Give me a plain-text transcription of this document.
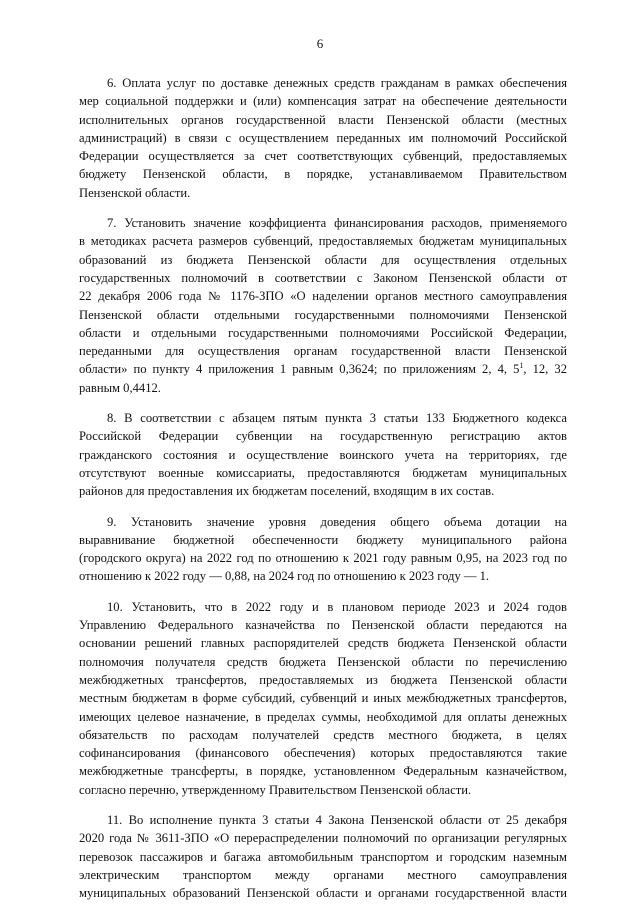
6
6. Оплата услуг по доставке денежных средств гражданам в рамках обеспечения
мер социальной поддержки и (или) компенсация затрат на обеспечение деятельности
исполнительных органов государственной власти Пензенской области (местных
администраций) в связи с осуществлением переданных им полномочий Российской
Федерации осуществляется за счет соответствующих субвенций, предоставляемых
бюджету Пензенской области, в порядке, устанавливаемом Правительством
Пензенской области.
7. Установить значение коэффициента финансирования расходов, применяемого
в методиках расчета размеров субвенций, предоставляемых бюджетам муниципальных
образований из бюджета Пензенской области для осуществления отдельных
государственных полномочий в соответствии с Законом Пензенской области от
22 декабря 2006 года № 1176-ЗПО «О наделении органов местного самоуправления
Пензенской области отдельными государственными полномочиями Пензенской
области и отдельными государственными полномочиями Российской Федерации,
переданными для осуществления органам государственной власти Пензенской
области» по пункту 4 приложения 1 равным 0,3624; по приложениям 2, 4, $5^1$, 12, 32
равным 0,4412.
8. В соответствии с абзацем пятым пункта 3 статьи 133 Бюджетного кодекса
Российской Федерации субвенции на государственную регистрацию актов
гражданского состояния и осуществление воинского учета на территориях, где
отсутствуют военные комиссариаты, предоставляются бюджетам муниципальных
районов для предоставления их бюджетам поселений, входящим в их состав.
9. Установить значение уровня доведения общего объема дотации на
выравнивание бюджетной обеспеченности бюджету муниципального района
(городского округа) на 2022 год по отношению к 2021 году равным 0,95, на 2023 год по
отношению к 2022 году — 0,88, на 2024 год по отношению к 2023 году — 1.
10. Установить, что в 2022 году и в плановом периоде 2023 и 2024 годов
Управлению Федерального казначейства по Пензенской области передаются на
основании решений главных распорядителей средств бюджета Пензенской области
полномочия получателя средств бюджета Пензенской области по перечислению
межбюджетных трансфертов, предоставляемых из бюджета Пензенской области
местным бюджетам в форме субсидий, субвенций и иных межбюджетных трансфертов,
имеющих целевое назначение, в пределах суммы, необходимой для оплаты денежных
обязательств по расходам получателей средств местного бюджета, в целях
софинансирования (финансового обеспечения) которых предоставляются такие
межбюджетные трансферты, в порядке, установленном Федеральным казначейством,
согласно перечню, утвержденному Правительством Пензенской области.
11. Во исполнение пункта 3 статьи 4 Закона Пензенской области от 25 декабря
2020 года № 3611-ЗПО «О перераспределении полномочий по организации регулярных
перевозок пассажиров и багажа автомобильным транспортом и городским наземным
электрическим транспортом между органами местного самоуправления
муниципальных образований Пензенской области и органами государственной власти
